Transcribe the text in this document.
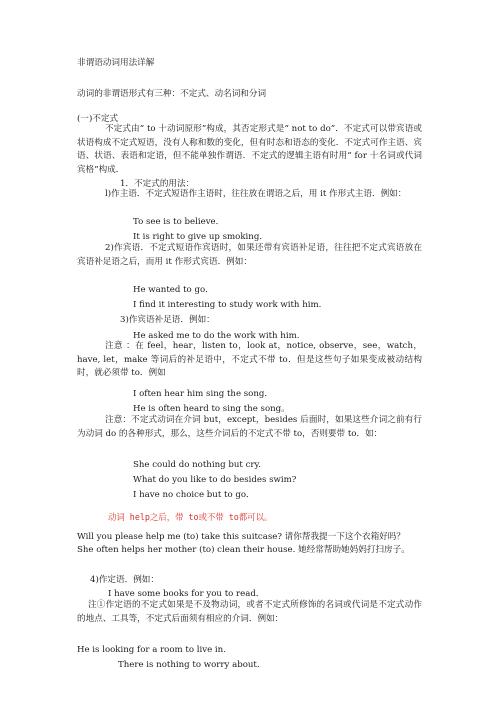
非谓语动词用法详解
动词的非谓语形式有三种：不定式、动名词和分词
(一)不定式
不定式由“ to 十动词原形”构成，其否定形式是“ not to do”．不定式可以带宾语或状语构成不定式短语，没有人称和数的变化，但有时态和语态的变化．不定式可作主语、宾语、状语、表语和定语，但不能单独作谓语．不定式的逻辑主语有时用“ for 十名词或代词宾格”构成．
1．不定式的用法：
l)作主语．不定式短语作主语时，往往放在谓语之后，用 it 作形式主语．例如：
To see is to believe．
It is right to give up smoking．
2)作宾语．不定式短语作宾语时，如果还带有宾语补足语，往往把不定式宾语放在宾语补足语之后，而用 it 作形式宾语．例如：
He wanted to go．
I find it interesting to study work with him.
3)作宾语补足语．例如：
He asked me to do the work with him.
注意 ：在 feel，hear，listen to，look at，notice, observe，see，watch，have, let，make 等词后的补足语中，不定式不带 to．但是这些句子如果变成被动结构时，就必须带 to．例如
I often hear him sing the song．
He is often heard to sing the song。
注意：不定式动词在介词 but，except，besides 后面时，如果这些介词之前有行为动词 do 的各种形式，那么，这些介词后的不定式不带 to，否则要带 to．如：
She could do nothing but cry.
What do you like to do besides swim?
I have no choice but to go．
动词 help之后，带 to或不带 to都可以。
Will you please help me (to) take this suitcase? 请你帮我提一下这个衣箱好吗？
She often helps her mother (to) clean their house. 她经常帮助她妈妈打扫房子。
4)作定语．例如：
I have some books for you to read．
注①作定语的不定式如果是不及物动词，或者不定式所修饰的名词或代词是不定式动作的地点、工具等，不定式后面须有相应的介词．例如：
He is looking for a room to live in.
There is nothing to worry about.
